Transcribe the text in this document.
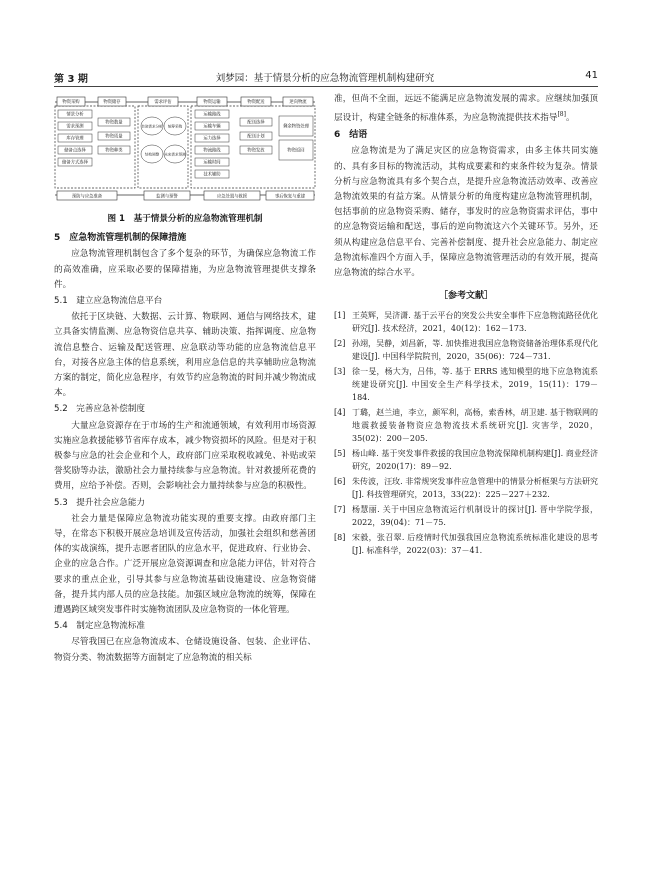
第 3 期	刘梦园：基于情景分析的应急物流管理机制构建研究	41
物资采购	物资储存	需求评估	物资运输	物资配送	逆向物流
情景分析
需求预测
库存管理
储备点选择
储备方式选择
物资数量
物资质量
物资种类
自治需求分析 统筹采购
结构调整 未来需求预测
运输路线
运输车辆
运力选择
物流路线
运输时间
技术辅助
配送选择
配送计划
物资发放
剩余物资处理
物资返回
预防与应急准备	监测与预警	应急处置与救援	事后恢复与重建
图 1　基于情景分析的应急物流管理机制
5　应急物流管理机制的保障措施

应急物流管理机制包含了多个复杂的环节，为确保应急物流工作的高效准确，应采取必要的保障措施，为应急物流管理提供支撑条件。

5.1　建立应急物流信息平台

依托于区块链、大数据、云计算、物联网、通信与网络技术，建立具备实情监测、应急物资信息共享、辅助决策、指挥调度、应急物流信息整合、运输及配送管理、应急联动等功能的应急物流信息平台，对接各应急主体的信息系统，利用应急信息的共享辅助应急物流方案的制定，简化应急程序，有效节约应急物流的时间并减少物流成本。

5.2　完善应急补偿制度

大量应急资源存在于市场的生产和流通领域，有效利用市场资源实施应急救援能够节省库存成本，减少物资损坏的风险。但是对于积极参与应急的社会企业和个人，政府部门应采取税收减免、补贴或荣誉奖励等办法，激励社会力量持续参与应急物流。针对救援所花费的费用，应给予补偿。否则，会影响社会力量持续参与应急的积极性。

5.3　提升社会应急能力

社会力量是保障应急物流功能实现的重要支撑。由政府部门主导，在常态下积极开展应急培训及宣传活动，加强社会组织和慈善团体的实战演练，提升志愿者团队的应急水平，促进政府、行业协会、企业的应急合作。广泛开展应急资源调查和应急能力评估，针对符合要求的重点企业，引导其参与应急物流基础设施建设、应急物资储备，提升其内部人员的应急技能。加强区域应急物流的统筹，保障在遭遇跨区域突发事件时实施物流团队及应急物资的一体化管理。

5.4　制定应急物流标准

尽管我国已在应急物流成本、仓储设施设备、包装、企业评估、物资分类、物流数据等方面制定了应急物流的相关标

准，但尚不全面，远远不能满足应急物流发展的需求。应继续加强顶层设计，构建全链条的标准体系，为应急物流提供技术指导[8]。

6　结语

应急物流是为了满足灾区的应急物资需求，由多主体共同实施的、具有多目标的物流活动，其构成要素和约束条件较为复杂。情景分析与应急物流具有多个契合点，是提升应急物流活动效率、改善应急物流效果的有益方案。从情景分析的角度构建应急物流管理机制，包括事前的应急物资采购、储存，事发时的应急物资需求评估，事中的应急物资运输和配送，事后的逆向物流这六个关键环节。另外，还须从构建应急信息平台、完善补偿制度、提升社会应急能力、制定应急物流标准四个方面入手，保障应急物流管理活动的有效开展，提高应急物流的综合水平。

［参考文献］
[1] 王英辉，吴济潇. 基于云平台的突发公共安全事件下应急物流路径优化研究[J]. 技术经济，2021，40(12)：162－173.
[2] 孙翊，吴静，刘昌新，等. 加快推进我国应急物资储备治理体系现代化建设[J]. 中国科学院院刊，2020，35(06)：724－731.
[3] 徐一旻，杨大为，吕伟，等. 基于 ERRS 逃知模型的地下应急物流系统建设研究[J]. 中国安全生产科学技术，2019，15(11)：179－184.
[4] 丁璐，赵兰迪，李立，颜军利，高杨，索香林，胡卫建. 基于物联网的地震救援装备物资应急物流技术系统研究[J]. 灾害学，2020，35(02)：200－205.
[5] 杨山峰. 基于突发事件救援的我国应急物流保障机制构建[J]. 商业经济研究，2020(17)：89－92.
[6] 朱传波，汪玫. 非常规突发事件应急管理中的情景分析框架与方法研究[J]. 科技管理研究，2013，33(22)：225－227＋232.
[7] 杨慧丽. 关于中国应急物流运行机制设计的探讨[J]. 晋中学院学报，2022，39(04)：71－75.
[8] 宋毅，张召翠. 后疫情时代加强我国应急物流系统标准化建设的思考[J]. 标准科学，2022(03)：37－41.
